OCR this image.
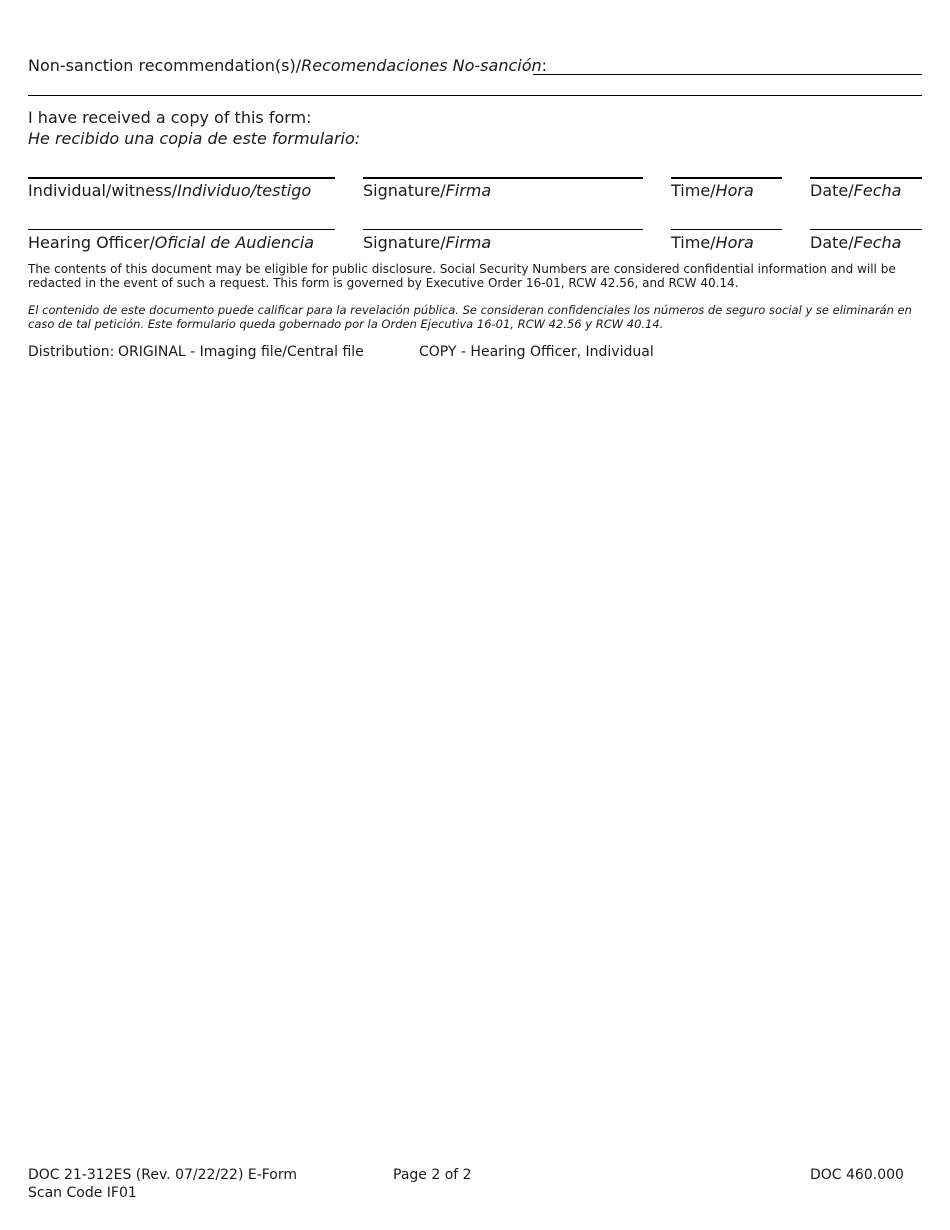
Non-sanction recommendation(s)/Recomendaciones No-sanción:
I have received a copy of this form:
He recibido una copia de este formulario:
Individual/witness/Individuo/testigo	Signature/Firma	Time/Hora	Date/Fecha
Hearing Officer/Oficial de Audiencia	Signature/Firma	Time/Hora	Date/Fecha
The contents of this document may be eligible for public disclosure. Social Security Numbers are considered confidential information and will be redacted in the event of such a request. This form is governed by Executive Order 16-01, RCW 42.56, and RCW 40.14.
El contenido de este documento puede calificar para la revelación pública. Se consideran confidenciales los números de seguro social y se eliminarán en caso de tal petición. Este formulario queda gobernado por la Orden Ejecutiva 16-01, RCW 42.56 y RCW 40.14.
Distribution: ORIGINAL - Imaging file/Central file	COPY - Hearing Officer, Individual
DOC 21-312ES (Rev. 07/22/22) E-Form
Scan Code IF01
Page 2 of 2	DOC 460.000
